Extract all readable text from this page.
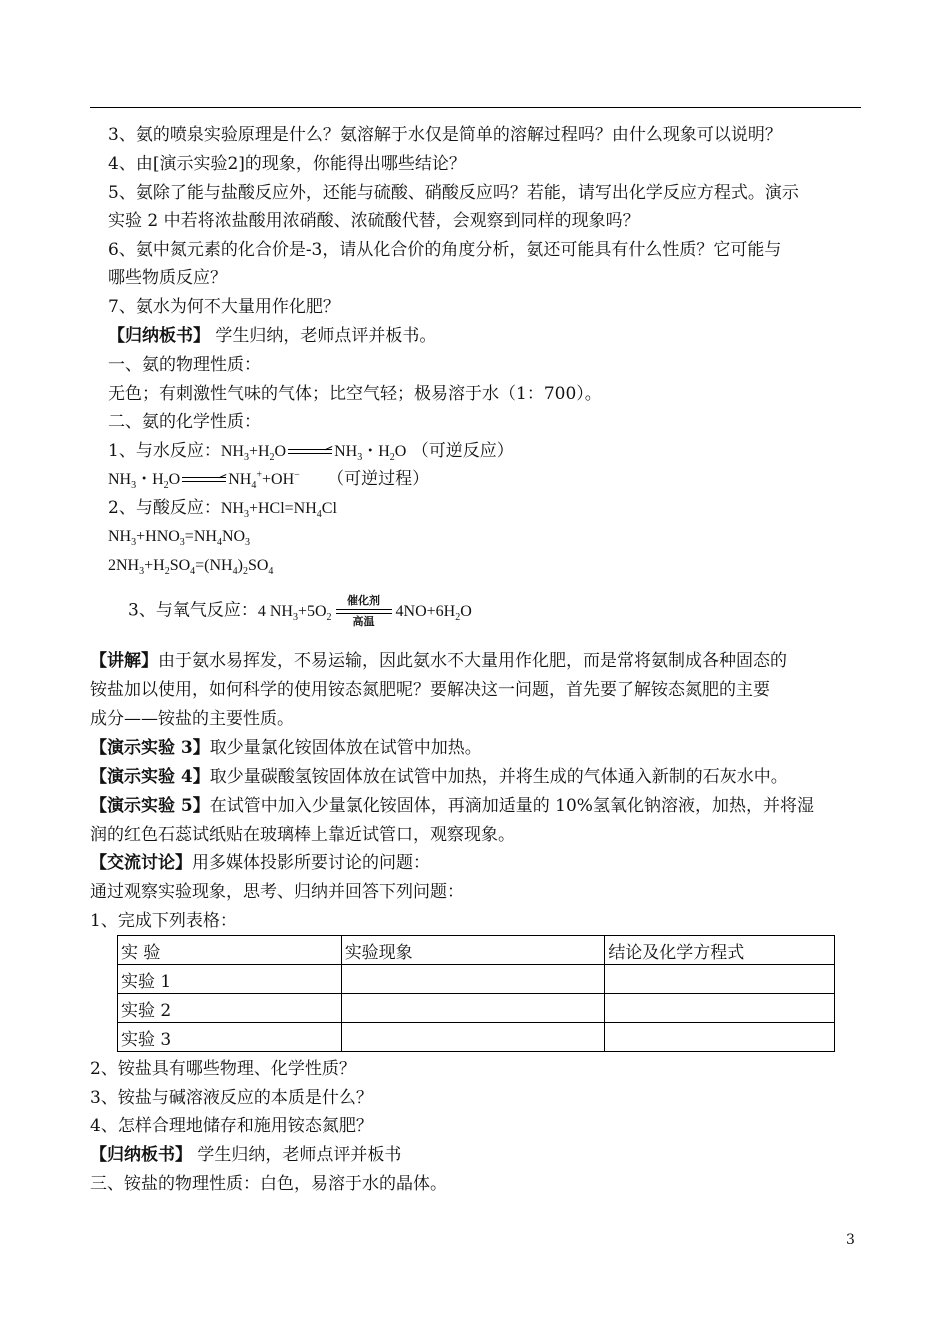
3、氨的喷泉实验原理是什么？氨溶解于水仅是简单的溶解过程吗？由什么现象可以说明？
4、由[演示实验2]的现象，你能得出哪些结论？
5、氨除了能与盐酸反应外，还能与硫酸、硝酸反应吗？若能，请写出化学反应方程式。演示
实验 2 中若将浓盐酸用浓硝酸、浓硫酸代替，会观察到同样的现象吗？
6、氨中氮元素的化合价是-3，请从化合价的角度分析，氨还可能具有什么性质？它可能与
哪些物质反应？
7、氨水为何不大量用作化肥？
【归纳板书】 学生归纳，老师点评并板书。
一、氨的物理性质：
无色；有刺激性气味的气体；比空气轻；极易溶于水（1：700）。
二、氨的化学性质：
1、与水反应：$NH_3+H_2O \to NH_3$・$H_2O$ （可逆反应）
$NH_3$・$H_2O \to NH_4^++OH^-$ （可逆过程）
2、与酸反应：$NH_3+HCl=NH_4Cl$
$NH_3+HNO_3=NH_4NO_3$
$2NH_3+H_2SO_4=(NH_4)_2SO_4$
3、与氧气反应：4 $NH_3+5O_2$
催化剂
高温
$4NO+6H_2O$
【讲解】由于氨水易挥发，不易运输，因此氨水不大量用作化肥，而是常将氨制成各种固态的
铵盐加以使用，如何科学的使用铵态氮肥呢？要解决这一问题，首先要了解铵态氮肥的主要
成分——铵盐的主要性质。
【演示实验 3】取少量氯化铵固体放在试管中加热。
【演示实验 4】取少量碳酸氢铵固体放在试管中加热，并将生成的气体通入新制的石灰水中。
【演示实验 5】在试管中加入少量氯化铵固体，再滴加适量的 10%氢氧化钠溶液，加热，并将湿
润的红色石蕊试纸贴在玻璃棒上靠近试管口，观察现象。
【交流讨论】用多媒体投影所要讨论的问题：
通过观察实验现象，思考、归纳并回答下列问题：
1、完成下列表格：
实 验	实验现象	结论及化学方程式
实验 1		
实验 2		
实验 3		
2、铵盐具有哪些物理、化学性质？
3、铵盐与碱溶液反应的本质是什么？
4、怎样合理地储存和施用铵态氮肥？
【归纳板书】 学生归纳，老师点评并板书
三、铵盐的物理性质：白色，易溶于水的晶体。
3
